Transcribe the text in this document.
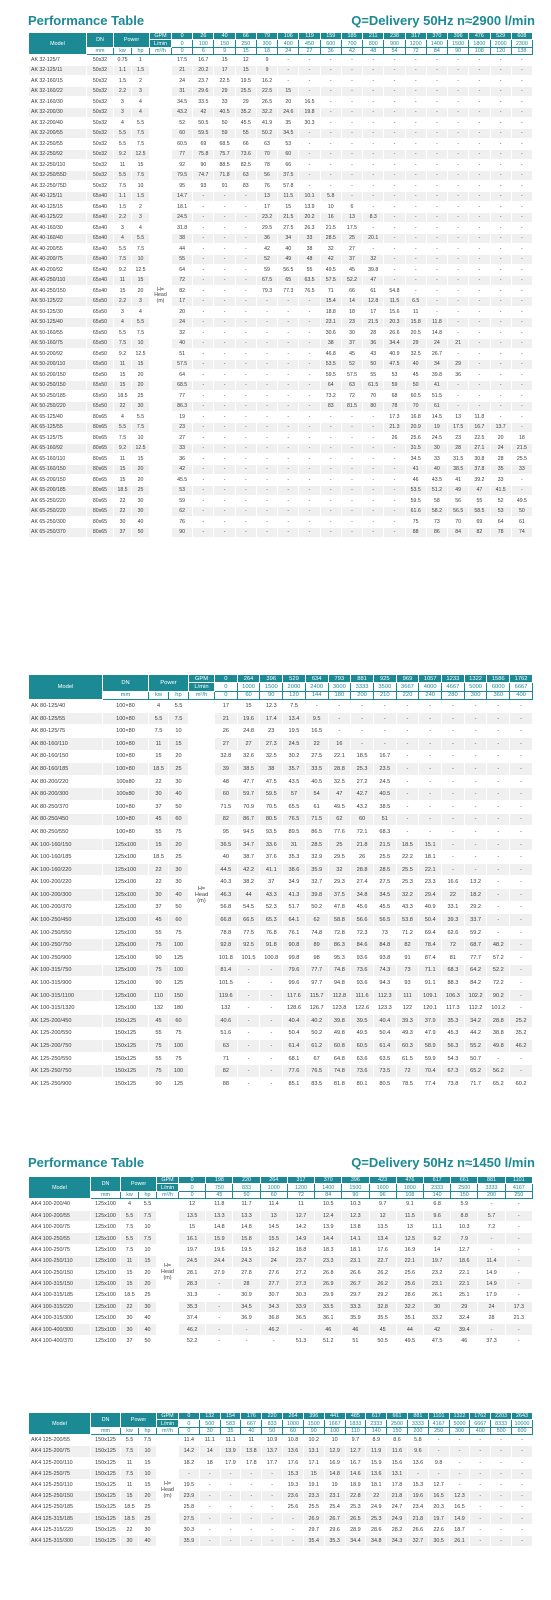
Performance Table	Q=Delivery 50Hz n≈2900 l/min
Model	DN	Power		GPM	0	26	40	66	79	106	119	159	185	211	238	317	370	396	476	529	608
				L/min	0	100	150	250	300	400	450	600	700	800	900	1200	1400	1500	1800	2000	2300
	mm	kw	hp	m³/h	0	6	9	15	18	24	27	36	42	48	54	72	84	90	108	120	138
AK 32-125/7	50x32	0.75	1	H=
Head
(m)	17.5	16.7	15	12	9	-	-	-	-	-	-	-	-	-	-	-	-
AK 32-125/11	50x32	1.1	1.5		21	20.2	17	15	9	-	-	-	-	-	-	-	-	-	-	-	-
AK 32-160/15	50x32	1.5	2		24	23.7	22.5	19.5	16.2	-	-	-	-	-	-	-	-	-	-	-	-
AK 32-160/22	50x32	2.2	3		31	29.6	29	25.5	22.5	15	-	-	-	-	-	-	-	-	-	-	-
AK 32-160/30	50x32	3	4		34.5	33.5	33	29	26.5	20	16.5	-	-	-	-	-	-	-	-	-	-
AK 32-200/30	50x32	3	4		43.2	42	40.5	35.2	32.2	24.6	19.8	-	-	-	-	-	-	-	-	-	-
AK 32-200/40	50x32	4	5.5		52	50.5	50	45.5	41.9	35	30.3	-	-	-	-	-	-	-	-	-	-
AK 32-200/55	50x32	5.5	7.5		60	59.5	59	55	50.2	34.5	-	-	-	-	-	-	-	-	-	-	-
AK 32-250/55	50x32	5.5	7.5		60.5	69	68.5	66	63	53	-	-	-	-	-	-	-	-	-	-	-
AK 32-250/92	50x32	9.2	12.5		77	75.8	75.7	73.6	70	60	-	-	-	-	-	-	-	-	-	-	-
AK 32-250/110	50x32	11	15		92	90	88.5	82.5	78	66	-	-	-	-	-	-	-	-	-	-	-
AK 32-250/55D	50x32	5.5	7.5		79.5	74.7	71.8	63	56	37.5	-	-	-	-	-	-	-	-	-	-	-
AK 32-250/75D	50x32	7.5	10		95	93	91	83	76	57.8	-	-	-	-	-	-	-	-	-	-	-
AK 40-125/11	65x40	1.1	1.5		14.7	-	-	-	13	11.5	10.1	5.8	-	-	-	-	-	-	-	-	-
AK 40-125/15	65x40	1.5	2		18.1	-	-	-	17	15	13.9	10	6	-	-	-	-	-	-	-	-
AK 40-125/22	65x40	2.2	3		24.5	-	-	-	23.2	21.5	20.2	16	13	8.3	-	-	-	-	-	-	-
AK 40-160/30	65x40	3	4		31.8	-	-	-	29.5	27.5	26.3	21.5	17.5	-	-	-	-	-	-	-	-
AK 40-160/40	65x40	4	5.5		38	-	-	-	36	34	33	28.5	25	20.1	-	-	-	-	-	-	-
AK 40-200/55	65x40	5.5	7.5		44	-	-	-	42	40	38	32	27	-	-	-	-	-	-	-	-
AK 40-200/75	65x40	7.5	10		55	-	-	-	52	49	48	42	37	32	-	-	-	-	-	-	-
AK 40-200/92	65x40	9.2	12.5		64	-	-	-	59	56.5	55	49.5	45	39.8	-	-	-	-	-	-	-
AK 40-250/110	65x40	11	15		72	-	-	-	67.5	65	63.5	57.5	52.2	47	-	-	-	-	-	-	-
AK 40-250/150	65x40	15	20		82	-	-	-	79.3	77.3	76.5	71	66	61	54.8	-	-	-	-	-	-
AK 50-125/22	65x50	2.2	3		17	-	-	-	-	-	-	15.4	14	12.8	11.5	6.5	-	-	-	-	-
AK 50-125/30	65x50	3	4		20	-	-	-	-	-	-	18.8	18	17	15.6	11	-	-	-	-	-
AK 50-125/40	65x50	4	5.5		24	-	-	-	-	-	-	23.1	23	21.5	20.3	15.8	11.8	-	-	-	-
AK 50-160/55	65x50	5.5	7.5		32	-	-	-	-	-	-	30.6	30	28	26.6	20.5	14.8	-	-	-	-
AK 50-160/75	65x50	7.5	10		40	-	-	-	-	-	-	38	37	36	34.4	29	24	21	-	-	-
AK 50-200/92	65x50	9.2	12.5		51	-	-	-	-	-	-	46.8	45	43	40.9	32.5	26.7	-	-	-	-
AK 50-200/110	65x50	11	15		57.5	-	-	-	-	-	-	53.5	52	50	47.5	40	34	29	-	-	-
AK 50-200/150	65x50	15	20		64	-	-	-	-	-	-	59.5	57.5	55	53	45	39.8	36	-	-	-
AK 50-250/150	65x50	15	20		68.5	-	-	-	-	-	-	64	63	61.5	59	50	41	-	-	-	-
AK 50-250/185	65x50	18.5	25		77	-	-	-	-	-	-	73.2	72	70	68	60.5	51.5	-	-	-	-
AK 50-250/220	65x50	22	30		86.3	-	-	-	-	-	-	83	81.5	80	78	70	61	-	-	-	-
AK 65-125/40	80x65	4	5.5		19	-	-	-	-	-	-	-	-	-	17.3	16.8	14.5	13	11.8	-	-
AK 65-125/55	80x65	5.5	7.5		23	-	-	-	-	-	-	-	-	-	21.3	20.9	19	17.5	16.7	13.7	-
AK 65-125/75	80x65	7.5	10		27	-	-	-	-	-	-	-	-	-	26	25.6	24.5	23	22.5	20	18
AK 65-160/92	80x65	9.2	12.5		33	-	-	-	-	-	-	-	-	-	-	31.5	30	28	27.1	24	21.5
AK 65-160/110	80x65	11	15		36	-	-	-	-	-	-	-	-	-	-	34.5	33	31.5	30.8	28	25.5
AK 65-160/150	80x65	15	20		42	-	-	-	-	-	-	-	-	-	-	41	40	38.5	37.8	35	33
AK 65-200/150	80x65	15	20		45.5	-	-	-	-	-	-	-	-	-	-	46	43.5	41	39.2	33	-
AK 65-200/185	80x65	18.5	25		53	-	-	-	-	-	-	-	-	-	-	53.5	51.2	49	47	41.5	-
AK 65-250/220	80x65	22	30		59	-	-	-	-	-	-	-	-	-	-	59.5	58	56	55	52	49.5
AK 65-250/220	80x65	22	30		62	-	-	-	-	-	-	-	-	-	-	61.6	58.2	56.5	58.5	53	50
AK 65-250/300	80x65	30	40		76	-	-	-	-	-	-	-	-	-	-	75	73	70	69	64	61
AK 65-250/370	80x65	37	50		90	-	-	-	-	-	-	-	-	-	-	88	86	84	82	78	74
Model	DN	Power		GPM	0	264	396	529	634	793	881	925	969	1057	1233	1322	1586	1762
				L/min	0	1000	1500	2000	2400	3000	3333	3500	3667	4000	4667	5000	6000	6667
	mm	kw	hp	m³/h	0	60	90	120	144	180	200	210	220	240	280	300	360	400
AK 80-125/40	100×80	4	5.5	H=
Head
(m)	17	15	12.3	7.5	-	-	-	-	-	-	-	-	-	-
AK 80-125/55	100×80	5.5	7.5		21	19.6	17.4	13.4	9.5	-	-	-	-	-	-	-	-	-
AK 80-125/75	100×80	7.5	10		26	24.8	23	19.5	16.5	-	-	-	-	-	-	-	-	-
AK 80-160/110	100×80	11	15		27	27	27.3	24.5	22	16	-	-	-	-	-	-	-	-
AK 80-160/150	100×80	15	20		32.8	32.6	32.5	30.2	27.5	22.1	18.5	16.7	-	-	-	-	-	-
AK 80-160/185	100×80	18.5	25		39	38.5	38	35.7	33.5	28.8	25.3	23.5	-	-	-	-	-	-
AK 80-200/220	100x80	22	30		48	47.7	47.5	43.5	40.5	32.5	27.2	24.5	-	-	-	-	-	-
AK 80-200/300	100x80	30	40		60	59.7	59.5	57	54	47	42.7	40.5	-	-	-	-	-	-
AK 80-250/370	100×80	37	50		71.5	70.9	70.5	65.5	61	49.5	43.2	38.5	-	-	-	-	-	-
AK 80-250/450	100×80	45	60		82	86.7	80.5	76.5	71.5	62	60	51	-	-	-	-	-	-
AK 80-250/550	100×80	55	75		95	94.5	93.5	89.5	86.5	77.6	72.1	68.3	-	-	-	-	-	-
AK 100-160/150	125x100	15	20		36.5	34.7	33.6	31	28.5	25	21.8	21.5	18.5	15.1	-	-	-	-
AK 100-160/185	125x100	18.5	25		40	38.7	37.6	35.3	32.9	29.5	26	25.5	22.2	18.1	-	-	-	-
AK 100-160/220	125x100	22	30		44.5	42.2	41.1	38.6	35.9	32	28.8	28.5	25.5	22.1	-	-	-	-
AK 100-200/220	125x100	22	30		40.3	38.2	37	34.9	32.7	29.3	27.4	27.5	25.3	23.3	16.6	13.2	-	-
AK 100-200/300	125x100	30	40		46.3	44	43.3	41.3	39.8	37.5	34.8	34.5	32.2	29.4	22	18.2	-	-
AK 100-200/370	125x100	37	50		56.8	54.5	52.3	51.7	50.2	47.8	45.6	45.5	43.3	40.9	33.1	29.2	-	-
AK 100-250/450	125x100	45	60		66.8	66.5	65.3	64.1	62	58.8	56.6	56.5	53.8	50.4	39.3	33.7	-	-
AK 100-250/550	125x100	55	75		78.8	77.5	76.8	76.1	74.8	72.8	72.3	73	71.2	69.4	62.6	59.2	-	-
AK 100-250/750	125x100	75	100		92.8	92.5	91.8	90.8	89	86.3	84.6	84.8	82	78.4	72	68.7	48.2	-
AK 100-250/900	125x100	90	125		101.8	101.5	100.8	99.8	98	95.3	93.6	93.8	91	87.4	81	77.7	57.2	-
AK 100-315/750	125x100	75	100		81.4	-	-	79.6	77.7	74.8	73.6	74.3	73	71.1	68.3	64.2	52.2	-
AK 100-315/900	125x100	90	125		101.5	-	-	99.6	97.7	94.8	93.6	94.3	93	91.1	88.3	84.2	72.2	-
AK 100-315/1100	125x100	110	150		119.6	-	-	117.6	115.7	112.8	111.6	112.3	111	109.1	106.3	102.2	90.2	-
AK 100-315/1320	125x100	132	180		132	-	-	128.6	126.7	123.8	122.6	123.3	122	120.1	117.3	112.2	101.2	-
AK 125-200/450	150x125	45	60		40.6	-	-	40.4	40.2	39.8	39.5	40.4	39.3	37.9	35.3	34.2	28.8	25.2
AK 125-200/550	150x125	55	75		51.6	-	-	50.4	50.2	49.8	49.5	50.4	49.3	47.9	45.3	44.2	38.8	35.2
AK 125-200/750	150x125	75	100		63	-	-	61.4	61.2	60.8	60.5	61.4	60.3	58.9	56.3	55.2	49.8	46.2
AK 125-250/550	150x125	55	75		71	-	-	68.1	67	64.8	63.6	63.5	61.5	59.9	54.3	50.7	-	-
AK 125-250/750	150x125	75	100		82	-	-	77.6	76.5	74.8	73.6	73.5	72	70.4	67.3	65.2	56.2	-
AK 125-250/900	150x125	90	125		88	-	-	85.1	83.5	81.8	80.1	80.5	78.5	77.4	73.8	71.7	65.2	60.2
Performance Table	Q=Delivery 50Hz n≈1450 l/min
Model	DN	Power		GPM	0	198	220	264	317	370	396	423	476	617	661	881	1101
				L/min	0	750	833	1000	1200	1400	1500	1600	1800	2333	2500	3333	4167
	mm	kw	hp	m³/h	0	45	50	60	72	84	90	96	108	140	150	200	250
AK4 100-200/40	125x100	4	5.5	H=
Head
(m)	12	11.8	11.7	11.4	11	10.5	10.3	9.7	9.1	6.8	5.9	-	-
AK4 100-200/55	125x100	5.5	7.5		13.5	13.3	13.3	13	12.7	12.4	12.3	12	11.5	9.6	8.8	5.7	-
AK4 100-200/75	125x100	7.5	10		15	14.8	14.8	14.5	14.2	13.9	13.8	13.5	13	11.1	10.3	7.2	-
AK4 100-250/55	125x100	5.5	7.5		16.1	15.9	15.8	15.5	14.9	14.4	14.1	13.4	12.5	9.2	7.9	-	-
AK4 100-250/75	125x100	7.5	10		19.7	19.6	19.5	19.2	18.8	18.3	18.1	17.6	16.9	14	12.7	-	-
AK4 100-250/110	125x100	11	15		24.5	24.4	24.3	24	23.7	23.3	23.1	22.7	22.1	19.7	18.6	11.4	-
AK4 100-250/150	125x100	15	20		28.1	27.9	27.8	27.6	27.2	26.8	26.6	26.2	25.6	23.2	22.1	14.9	-
AK4 100-315/150	125x100	15	20		28.3	-	28	27.7	27.3	26.9	26.7	26.2	25.6	23.1	22.1	14.9	-
AK4 100-315/185	125x100	18.5	25		31.3	-	30.9	30.7	30.3	29.9	29.7	29.2	28.6	26.1	25.1	17.9	-
AK4 100-315/220	125x100	22	30		35.3	-	34.5	34.3	33.9	33.5	33.3	32.8	32.2	30	29	24	17.3
AK4 100-315/300	125x100	30	40		37.4	-	36.9	36.8	36.5	36.1	35.9	35.5	35.1	33.2	32.4	28	21.3
AK4 100-400/300	125x100	30	40		46.2	-	-	46.2	-	46	46	45	44	42	39.4	-	-
AK4 100-400/370	125x100	37	50		52.2	-	-	-	51.3	51.2	51	50.5	49.5	47.5	46	37.3	-
Model	DN	Power		GPM	0	132	154	176	220	264	396	441	485	617	661	881	1101	1322	1762	2203	2643
				L/min	0	500	583	667	833	1000	1500	1667	1833	2333	2500	3333	4167	5000	6667	8333	10000
	mm	kw	hp	m³/h	0	30	35	40	50	60	90	100	110	140	150	200	250	300	400	500	600
AK4 125-200/55	150x125	5.5	7.5	H=
Head
(m)	11.4	11.1	11.1	11	10.9	10.8	10.2	10	9.7	8.9	8.6	5.8	-	-	-	-	-
AK4 125-200/75	150x125	7.5	10		14.2	14	13.9	13.8	13.7	13.6	13.1	12.9	12.7	11.9	11.6	9.6	-	-	-	-	-
AK4 125-200/110	150x125	11	15		18.2	18	17.9	17.8	17.7	17.6	17.1	16.9	16.7	15.9	15.6	13.6	9.8	-	-	-	-
AK4 125-250/75	150x125	7.5	10		-	-	-	-	-	15.3	15	14.8	14.6	13.6	13.1	-	-	-	-	-	-
AK4 125-250/110	150x125	11	15		19.5	-	-	-	-	19.3	19.1	19	18.9	18.1	17.8	15.3	12.7	-	-	-	-
AK4 125-250/150	150x125	15	20		23.9	-	-	-	-	23.6	23.3	23.1	22.8	22	21.8	19.6	16.5	12.3	-	-	-
AK4 125-250/185	150x125	18.5	25		25.8	-	-	-	-	25.6	25.5	25.4	25.3	24.9	24.7	23.4	20.3	16.5	-	-	-
AK4 125-315/185	150x125	18.5	25		27.5	-	-	-	-	-	26.9	26.7	26.5	25.3	24.9	21.8	19.7	14.9	-	-	-
AK4 125-315/220	150x125	22	30		30.3	-	-	-	-	-	29.7	29.6	28.9	28.6	28.2	26.6	22.6	18.7	-	-	-
AK4 125-315/300	150x125	30	40		35.9	-	-	-	-	-	35.4	35.3	34.4	34.8	34.3	32.7	30.5	26.1	-	-	-
